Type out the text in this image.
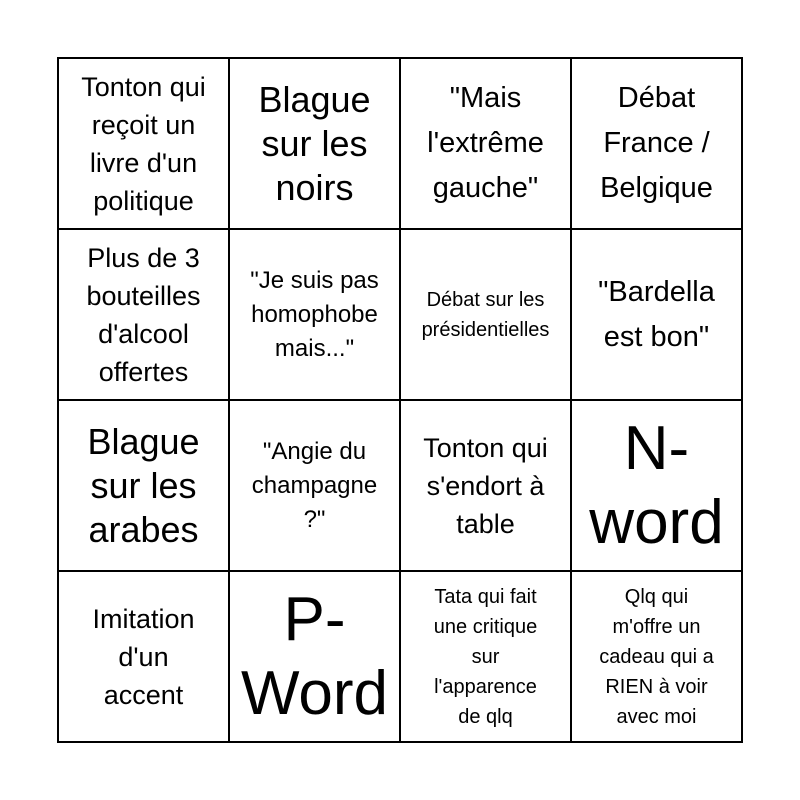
Tonton qui
reçoit un
livre d'un
politique
Blague
sur les
noirs
"Mais
l'extrême
gauche"
Débat
France /
Belgique
Plus de 3
bouteilles
d'alcool
offertes
"Je suis pas
homophobe
mais..."
Débat sur les
présidentielles
"Bardella
est bon"
Blague
sur les
arabes
"Angie du
champagne
?"
Tonton qui
s'endort à
table
N-
word
Imitation
d'un
accent
P-
Word
Tata qui fait
une critique
sur
l'apparence
de qlq
Qlq qui
m'offre un
cadeau qui a
RIEN à voir
avec moi
